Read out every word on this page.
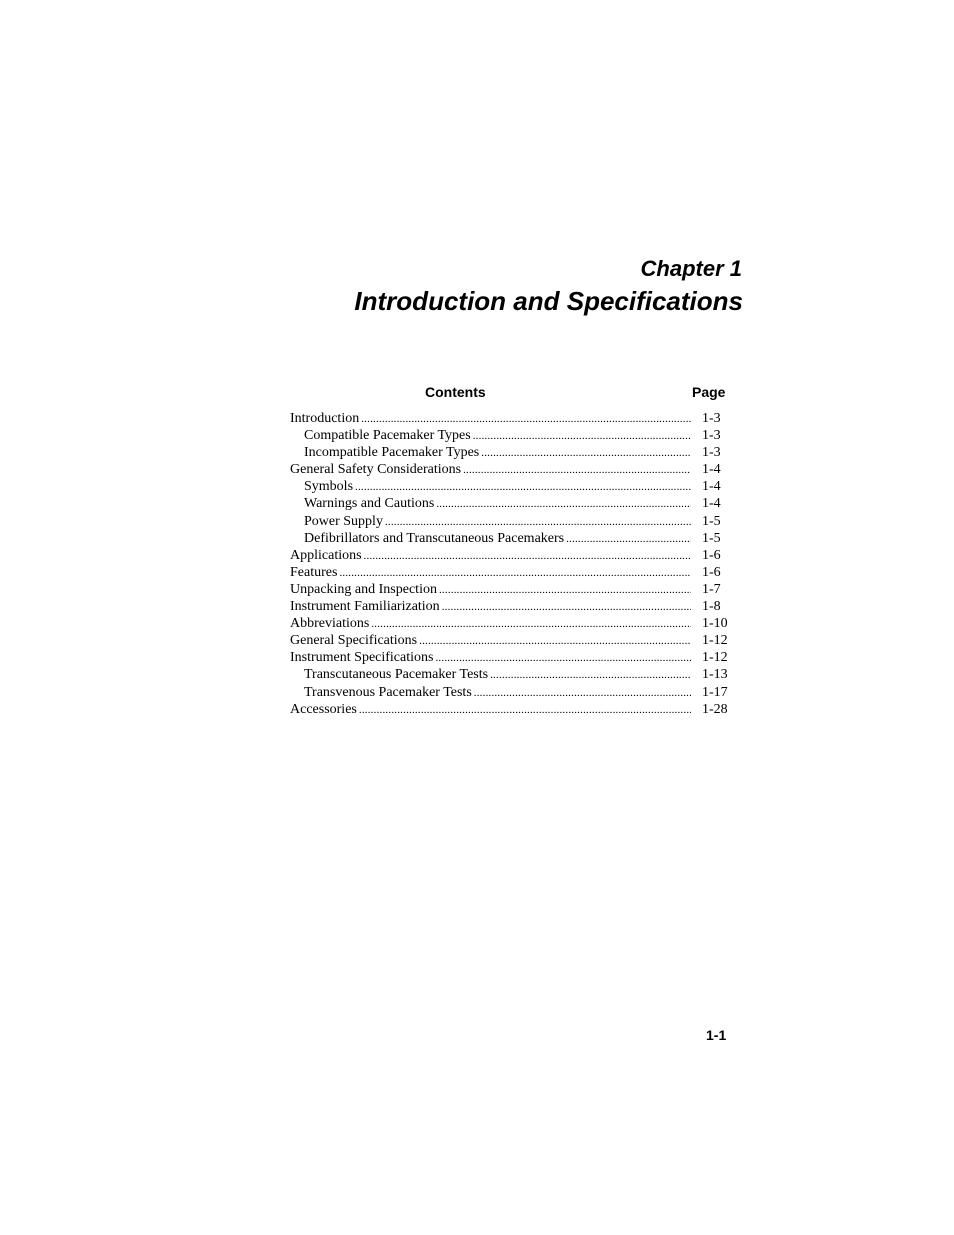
Chapter 1
Introduction and Specifications
Contents	Page
Introduction .....	1-3
Compatible Pacemaker Types .....	1-3
Incompatible Pacemaker Types .....	1-3
General Safety Considerations .....	1-4
Symbols .....	1-4
Warnings and Cautions .....	1-4
Power Supply .....	1-5
Defibrillators and Transcutaneous Pacemakers .....	1-5
Applications .....	1-6
Features .....	1-6
Unpacking and Inspection .....	1-7
Instrument Familiarization .....	1-8
Abbreviations .....	1-10
General Specifications .....	1-12
Instrument Specifications .....	1-12
Transcutaneous Pacemaker Tests .....	1-13
Transvenous Pacemaker Tests .....	1-17
Accessories .....	1-28
1-1
